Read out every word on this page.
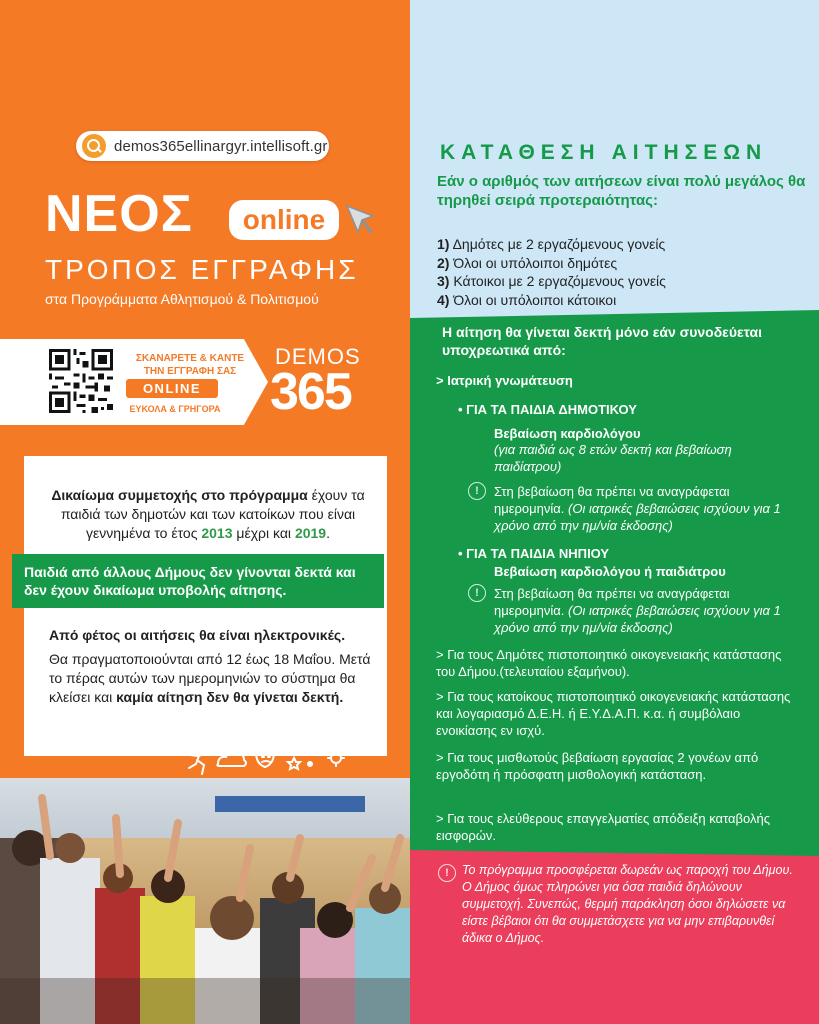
demos365ellinargyr.intellisoft.gr
ΝΕΟΣ	online
ΤΡΟΠΟΣ ΕΓΓΡΑΦΗΣ
στα Προγράμματα Αθλητισμού & Πολιτισμού
ΣΚΑΝΑΡΕΤΕ & ΚΑΝΤΕ
ΤΗΝ ΕΓΓΡΑΦΗ ΣΑΣ
ONLINE
ΕΥΚΟΛΑ & ΓΡΗΓΟΡΑ
DEMOS
365
Δικαίωμα συμμετοχής στο πρόγραμμα έχουν τα παιδιά των δημοτών και των κατοίκων που είναι γεννημένα το έτος 2013 μέχρι και 2019.
Παιδιά από άλλους Δήμους δεν γίνονται δεκτά και δεν έχουν δικαίωμα υποβολής αίτησης.
Από φέτος οι αιτήσεις θα είναι ηλεκτρονικές.
Θα πραγματοποιούνται από 12 έως 18 Μαΐου. Μετά το πέρας αυτών των ημερομηνιών το σύστημα θα κλείσει και καμία αίτηση δεν θα γίνεται δεκτή.
ΚΑΤΑΘΕΣΗ ΑΙΤΗΣΕΩΝ
Εάν ο αριθμός των αιτήσεων είναι πολύ μεγάλος θα τηρηθεί σειρά προτεραιότητας:
1) Δημότες με 2 εργαζόμενους γονείς
2) Όλοι οι υπόλοιποι δημότες
3) Κάτοικοι με 2 εργαζόμενους γονείς
4) Όλοι οι υπόλοιποι κάτοικοι
Η αίτηση θα γίνεται δεκτή μόνο εάν συνοδεύεται υποχρεωτικά από:
> Ιατρική γνωμάτευση
• ΓΙΑ ΤΑ ΠΑΙΔΙΑ ΔΗΜΟΤΙΚΟΥ
Βεβαίωση καρδιολόγου
(για παιδιά ως 8 ετών δεκτή και βεβαίωση παιδίατρου)
!	Στη βεβαίωση θα πρέπει να αναγράφεται ημερομηνία. (Οι ιατρικές βεβαιώσεις ισχύουν για 1 χρόνο από την ημ/νία έκδοσης)
• ΓΙΑ ΤΑ ΠΑΙΔΙΑ ΝΗΠΙΟΥ
Βεβαίωση καρδιολόγου ή παιδιάτρου
!	Στη βεβαίωση θα πρέπει να αναγράφεται ημερομηνία. (Οι ιατρικές βεβαιώσεις ισχύουν για 1 χρόνο από την ημ/νία έκδοσης)
> Για τους Δημότες πιστοποιητικό οικογενειακής κατάστασης του Δήμου.(τελευταίου εξαμήνου).
> Για τους κατοίκους πιστοποιητικό οικογενειακής κατάστασης και λογαριασμό Δ.Ε.Η. ή Ε.Υ.Δ.Α.Π. κ.α. ή συμβόλαιο ενοικίασης εν ισχύ.
> Για τους μισθωτούς βεβαίωση εργασίας 2 γονέων από εργοδότη ή πρόσφατη μισθολογική κατάσταση.
> Για τους ελεύθερους επαγγελματίες απόδειξη καταβολής εισφορών.
!	Το πρόγραμμα προσφέρεται δωρεάν ως παροχή του Δήμου. Ο Δήμος όμως πληρώνει για όσα παιδιά δηλώνουν συμμετοχή. Συνεπώς, θερμή παράκληση όσοι δηλώσετε να είστε βέβαιοι ότι θα συμμετάσχετε για να μην επιβαρυνθεί άδικα ο Δήμος.
